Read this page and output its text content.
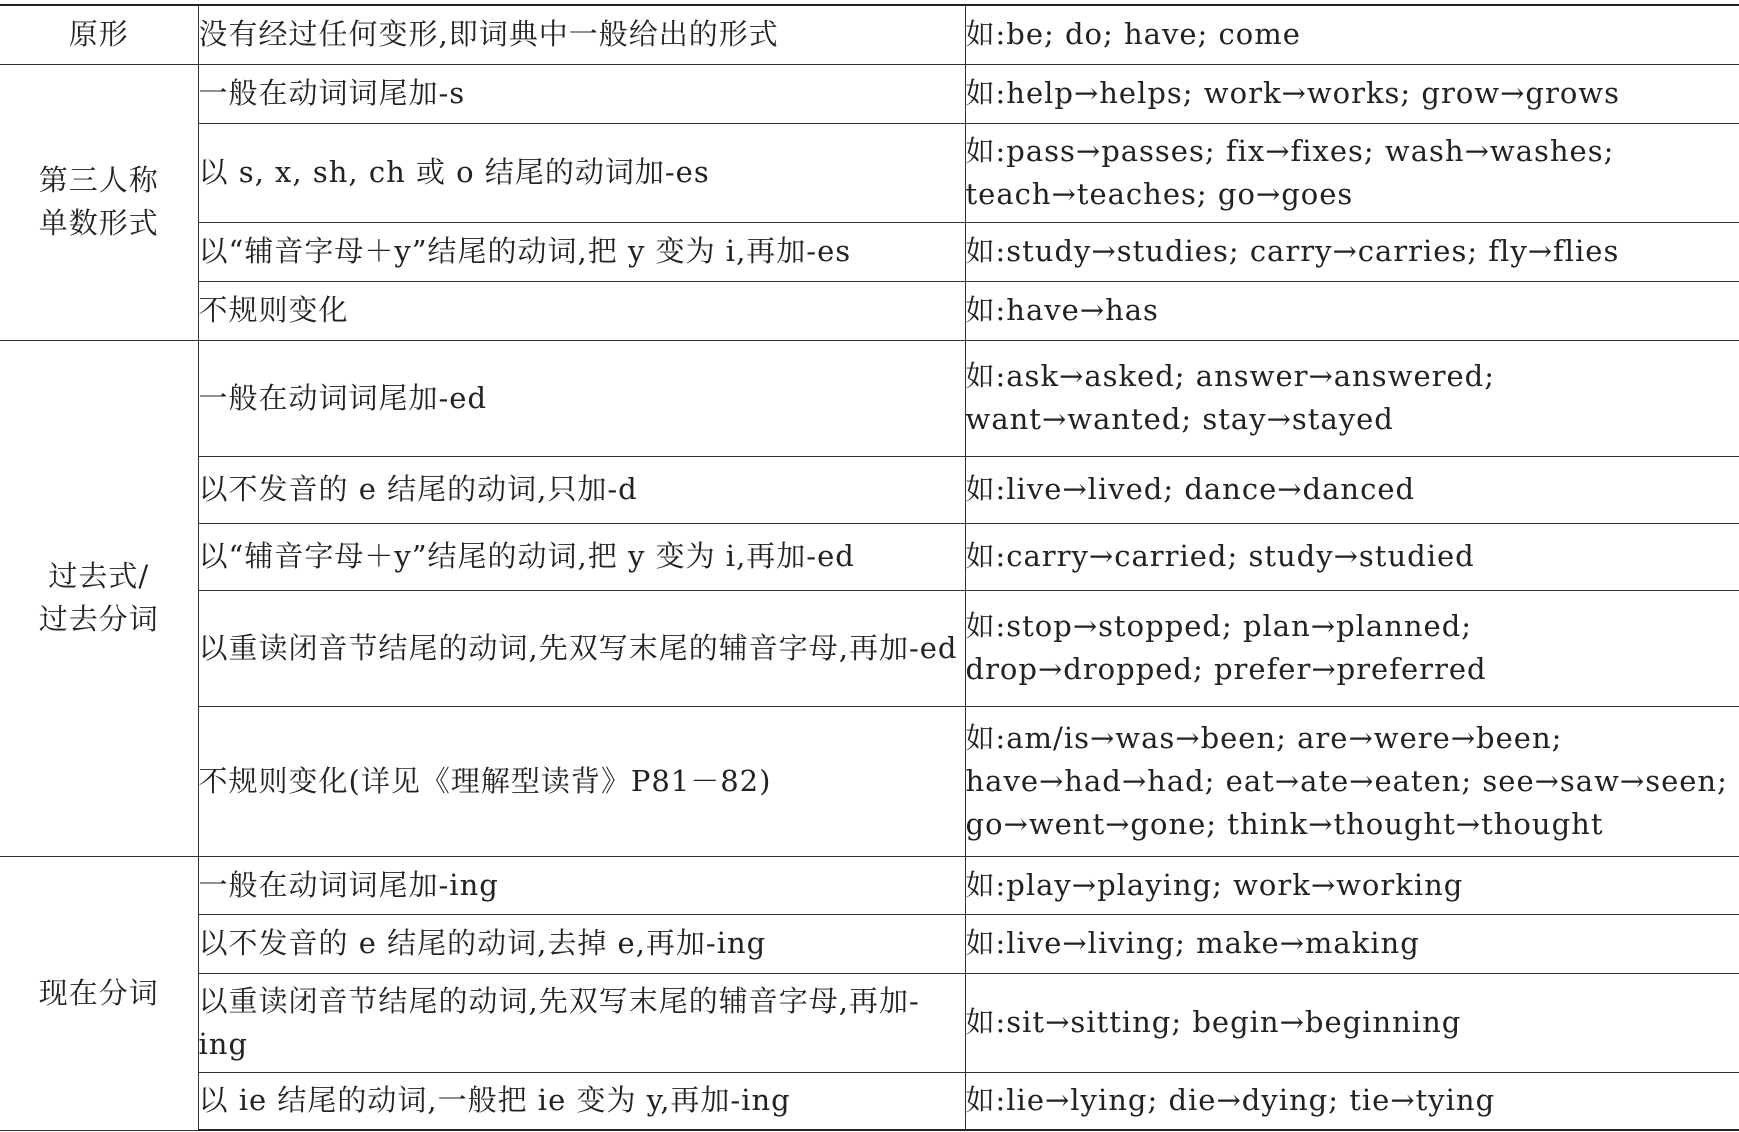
原形	没有经过任何变形,即词典中一般给出的形式	如:be; do; have; come

第三人称
单数形式	一般在动词词尾加-s	如:help→helps; work→works; grow→grows

	以 s, x, sh, ch 或 o 结尾的动词加-es	如:pass→passes; fix→fixes; wash→washes;
teach→teaches; go→goes

	以“辅音字母＋y”结尾的动词,把 y 变为 i,再加-es	如:study→studies; carry→carries; fly→flies

	不规则变化	如:have→has

过去式/
过去分词	一般在动词词尾加-ed	如:ask→asked; answer→answered;
want→wanted; stay→stayed

	以不发音的 e 结尾的动词,只加-d	如:live→lived; dance→danced

	以“辅音字母＋y”结尾的动词,把 y 变为 i,再加-ed	如:carry→carried; study→studied

	以重读闭音节结尾的动词,先双写末尾的辅音字母,再加-ed	如:stop→stopped; plan→planned;
drop→dropped; prefer→preferred

	不规则变化(详见《理解型读背》P81－82)	如:am/is→was→been; are→were→been;
have→had→had; eat→ate→eaten; see→saw→seen;
go→went→gone; think→thought→thought

现在分词	一般在动词词尾加-ing	如:play→playing; work→working

	以不发音的 e 结尾的动词,去掉 e,再加-ing	如:live→living; make→making

	以重读闭音节结尾的动词,先双写末尾的辅音字母,再加-ing	如:sit→sitting; begin→beginning

	以 ie 结尾的动词,一般把 ie 变为 y,再加-ing	如:lie→lying; die→dying; tie→tying
